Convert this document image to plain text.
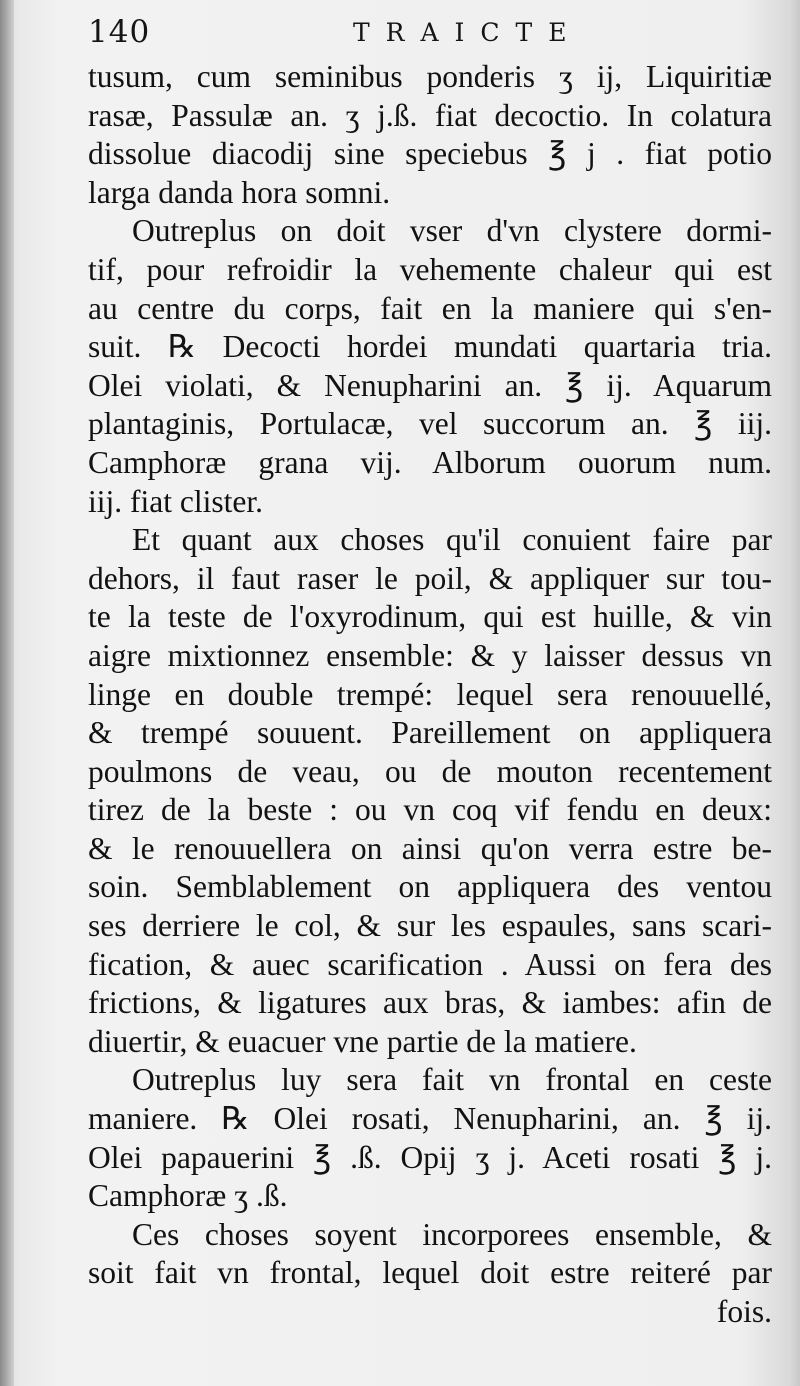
140	TRAICTE
tusum, cum seminibus ponderis ʒ ij, Liquiritiæ
rasæ, Passulæ an. ʒ j.ß. fiat decoctio. In colatura
dissolue diacodij sine speciebus ℥ j . fiat potio
larga danda hora somni.
Outreplus on doit vser d'vn clystere dormi-
tif, pour refroidir la vehemente chaleur qui est
au centre du corps, fait en la maniere qui s'en-
suit. ℞ Decocti hordei mundati quartaria tria.
Olei violati, & Nenupharini an. ℥ ij. Aquarum
plantaginis, Portulacæ, vel succorum an. ℥ iij.
Camphoræ grana vij. Alborum ouorum num.
iij. fiat clister.
Et quant aux choses qu'il conuient faire par
dehors, il faut raser le poil, & appliquer sur tou-
te la teste de l'oxyrodinum, qui est huille, & vin
aigre mixtionnez ensemble: & y laisser dessus vn
linge en double trempé: lequel sera renouuellé,
& trempé souuent. Pareillement on appliquera
poulmons de veau, ou de mouton recentement
tirez de la beste : ou vn coq vif fendu en deux:
& le renouuellera on ainsi qu'on verra estre be-
soin. Semblablement on appliquera des ventou
ses derriere le col, & sur les espaules, sans scari-
fication, & auec scarification . Aussi on fera des
frictions, & ligatures aux bras, & iambes: afin de
diuertir, & euacuer vne partie de la matiere.
Outreplus luy sera fait vn frontal en ceste
maniere. ℞ Olei rosati, Nenupharini, an. ℥ ij.
Olei papauerini ℥ .ß. Opij ʒ j. Aceti rosati ℥ j.
Camphoræ ʒ .ß.
Ces choses soyent incorporees ensemble, &
soit fait vn frontal, lequel doit estre reiteré par
fois.
